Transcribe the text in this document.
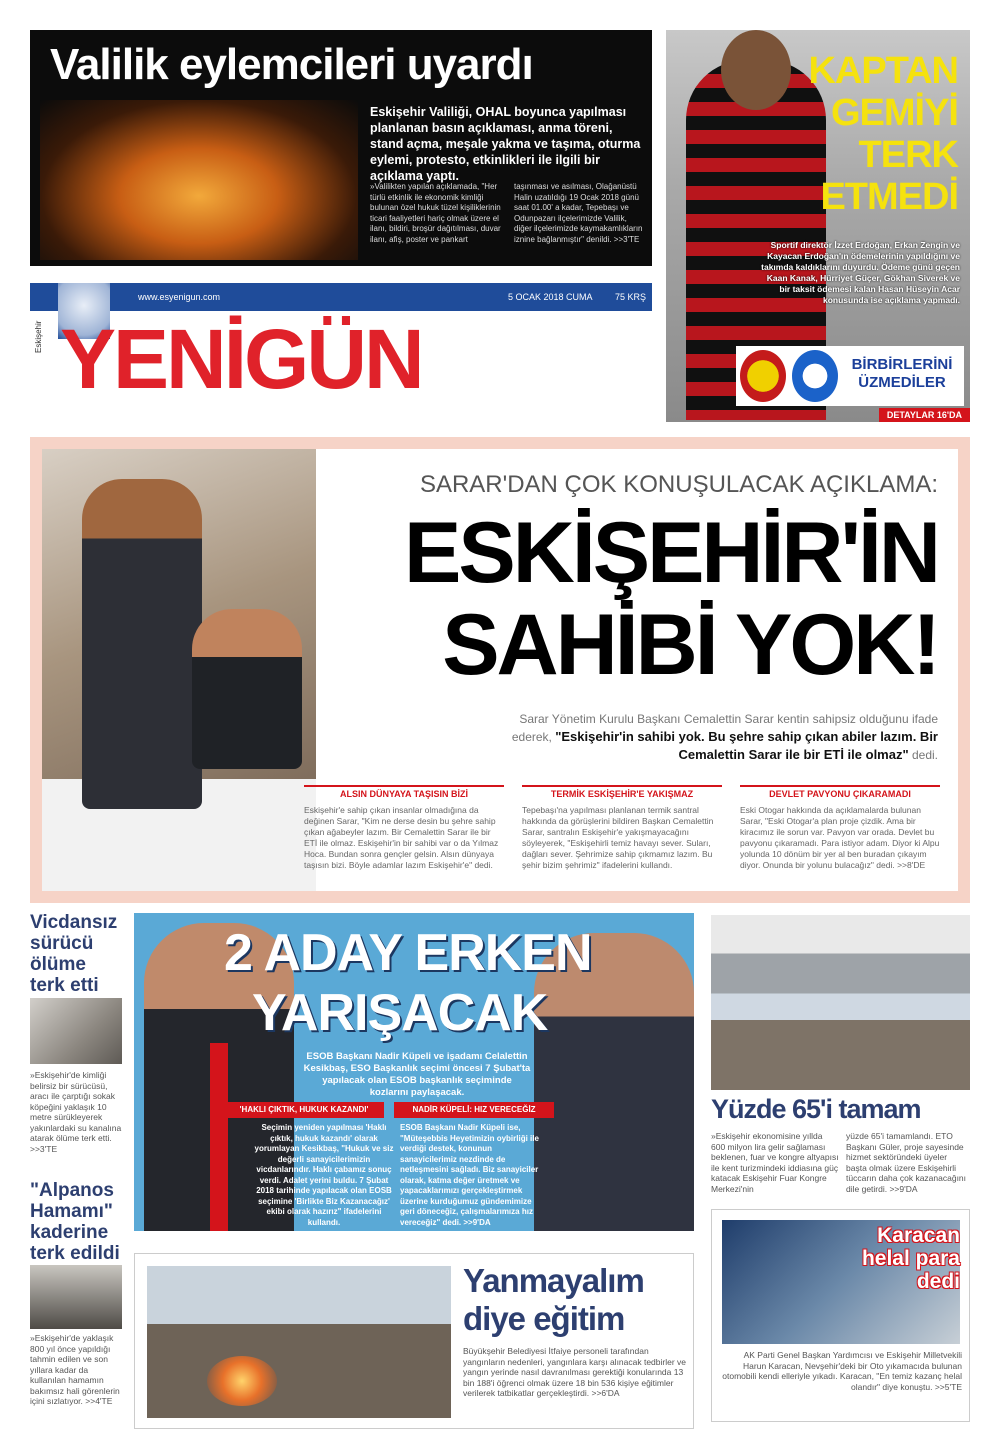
Valilik eylemcileri uyardı
Eskişehir Valiliği, OHAL boyunca yapılması planlanan basın açıklaması, anma töreni, stand açma, meşale yakma ve taşıma, oturma eylemi, protesto, etkinlikleri ile ilgili bir açıklama yaptı.
»Valilikten yapılan açıklamada, "Her türlü etkinlik ile ekonomik kimliği bulunan özel hukuk tüzel kişiliklerinin ticari faaliyetleri hariç olmak üzere el ilanı, bildiri, broşür dağıtılması, duvar ilanı, afiş, poster ve pankart
taşınması ve asılması, Olağanüstü Halin uzatıldığı 19 Ocak 2018 günü saat 01.00' a kadar, Tepebaşı ve Odunpazarı ilçelerimizde Valilik, diğer ilçelerimizde kaymakamlıkların iznine bağlanmıştır" denildi. >>3'TE
www.esyenigun.com	5 OCAK 2018 CUMA 75 KRŞ
Eskişehir YENİGÜN
KAPTAN GEMİYİ TERK ETMEDİ
Sportif direktör İzzet Erdoğan, Erkan Zengin ve Kayacan Erdoğan'ın ödemelerinin yapıldığını ve takımda kaldıklarını duyurdu. Ödeme günü geçen Kaan Kanak, Hürriyet Güçer, Gökhan Siverek ve bir taksit ödemesi kalan Hasan Hüseyin Acar konusunda ise açıklama yapmadı.
BİRBİRLERİNİ ÜZMEDİLER
DETAYLAR 16'DA
SARAR'DAN ÇOK KONUŞULACAK AÇIKLAMA:
ESKİŞEHİR'İN
SAHİBİ YOK!
Sarar Yönetim Kurulu Başkanı Cemalettin Sarar kentin sahipsiz olduğunu ifade ederek, "Eskişehir'in sahibi yok. Bu şehre sahip çıkan abiler lazım. Bir Cemalettin Sarar ile bir ETİ ile olmaz" dedi.
ALSIN DÜNYAYA TAŞISIN BİZİ	TERMİK ESKİŞEHİR'E YAKIŞMAZ	DEVLET PAVYONU ÇIKARAMADI
Eskişehir'e sahip çıkan insanlar olmadığına da değinen Sarar, "Kim ne derse desin bu şehre sahip çıkan ağabeyler lazım. Bir Cemalettin Sarar ile bir ETİ ile olmaz. Eskişehir'in bir sahibi var o da Yılmaz Hoca. Bundan sonra gençler gelsin. Alsın dünyaya taşısın bizi. Böyle adamlar lazım Eskişehir'e" dedi.
Tepebaşı'na yapılması planlanan termik santral hakkında da görüşlerini bildiren Başkan Cemalettin Sarar, santralın Eskişehir'e yakışmayacağını söyleyerek, "Eskişehirli temiz havayı sever. Suları, dağları sever. Şehrimize sahip çıkmamız lazım. Bu şehir bizim şehrimiz" ifadelerini kullandı.
Eski Otogar hakkında da açıklamalarda bulunan Sarar, "Eski Otogar'a plan proje çizdik. Ama bir kiracımız ile sorun var. Pavyon var orada. Devlet bu pavyonu çıkaramadı. Para istiyor adam. Diyor ki Alpu yolunda 10 dönüm bir yer al ben buradan çıkayım diyor. Onunda bir yolunu bulacağız" dedi. >>8'DE
Vicdansız sürücü ölüme terk etti
»Eskişehir'de kimliği belirsiz bir sürücüsü, aracı ile çarptığı sokak köpeğini yaklaşık 10 metre sürükleyerek yakınlardaki su kanalına atarak ölüme terk etti. >>3'TE
"Alpanos Hamamı" kaderine terk edildi
»Eskişehir'de yaklaşık 800 yıl önce yapıldığı tahmin edilen ve son yıllara kadar da kullanılan hamamın bakımsız hali görenlerin içini sızlatıyor. >>4'TE
2 ADAY ERKEN
YARIŞACAK
ESOB Başkanı Nadir Küpeli ve işadamı Celalettin Kesikbaş, ESO Başkanlık seçimi öncesi 7 Şubat'ta yapılacak olan ESOB başkanlık seçiminde kozlarını paylaşacak.
'HAKLI ÇIKTIK, HUKUK KAZANDI'	NADİR KÜPELİ: HIZ VERECEĞİZ
Seçimin yeniden yapılması 'Haklı çıktık, hukuk kazandı' olarak yorumlayan Kesikbaş, "Hukuk ve siz değerli sanayicilerimizin vicdanlarındır. Haklı çabamız sonuç verdi. Adalet yerini buldu. 7 Şubat 2018 tarihinde yapılacak olan EOSB seçimine 'Birlikte Biz Kazanacağız' ekibi olarak hazırız" ifadelerini kullandı.
ESOB Başkanı Nadir Küpeli ise, "Müteşebbis Heyetimizin oybirliği ile verdiği destek, konunun sanayicilerimiz nezdinde de netleşmesini sağladı. Biz sanayiciler olarak, katma değer üretmek ve yapacaklarımızı gerçekleştirmek üzerine kurduğumuz gündemimize geri döneceğiz, çalışmalarımıza hız vereceğiz" dedi. >>9'DA
Yüzde 65'i tamam
»Eskişehir ekonomisine yıllda 600 milyon lira gelir sağlaması beklenen, fuar ve kongre altyapısı ile kent turizmindeki iddiasına güç katacak Eskişehir Fuar Kongre Merkezi'nin
yüzde 65'i tamamlandı. ETO Başkanı Güler, proje sayesinde hizmet sektöründeki üyeler başta olmak üzere Eskişehirli tüccarın daha çok kazanacağını dile getirdi. >>9'DA
Karacan helal para dedi
AK Parti Genel Başkan Yardımcısı ve Eskişehir Milletvekili Harun Karacan, Nevşehir'deki bir Oto yıkamacıda bulunan otomobili kendi elleriyle yıkadı. Karacan, "En temiz kazanç helal olandır" diye konuştu. >>5'TE
Yanmayalım diye eğitim
Büyükşehir Belediyesi İtfaiye personeli tarafından yangınların nedenleri, yangınlara karşı alınacak tedbirler ve yangın yerinde nasıl davranılması gerektiği konularında 13 bin 188'i öğrenci olmak üzere 18 bin 536 kişiye eğitimler verilerek tatbikatlar gerçekleştirdi. >>6'DA
